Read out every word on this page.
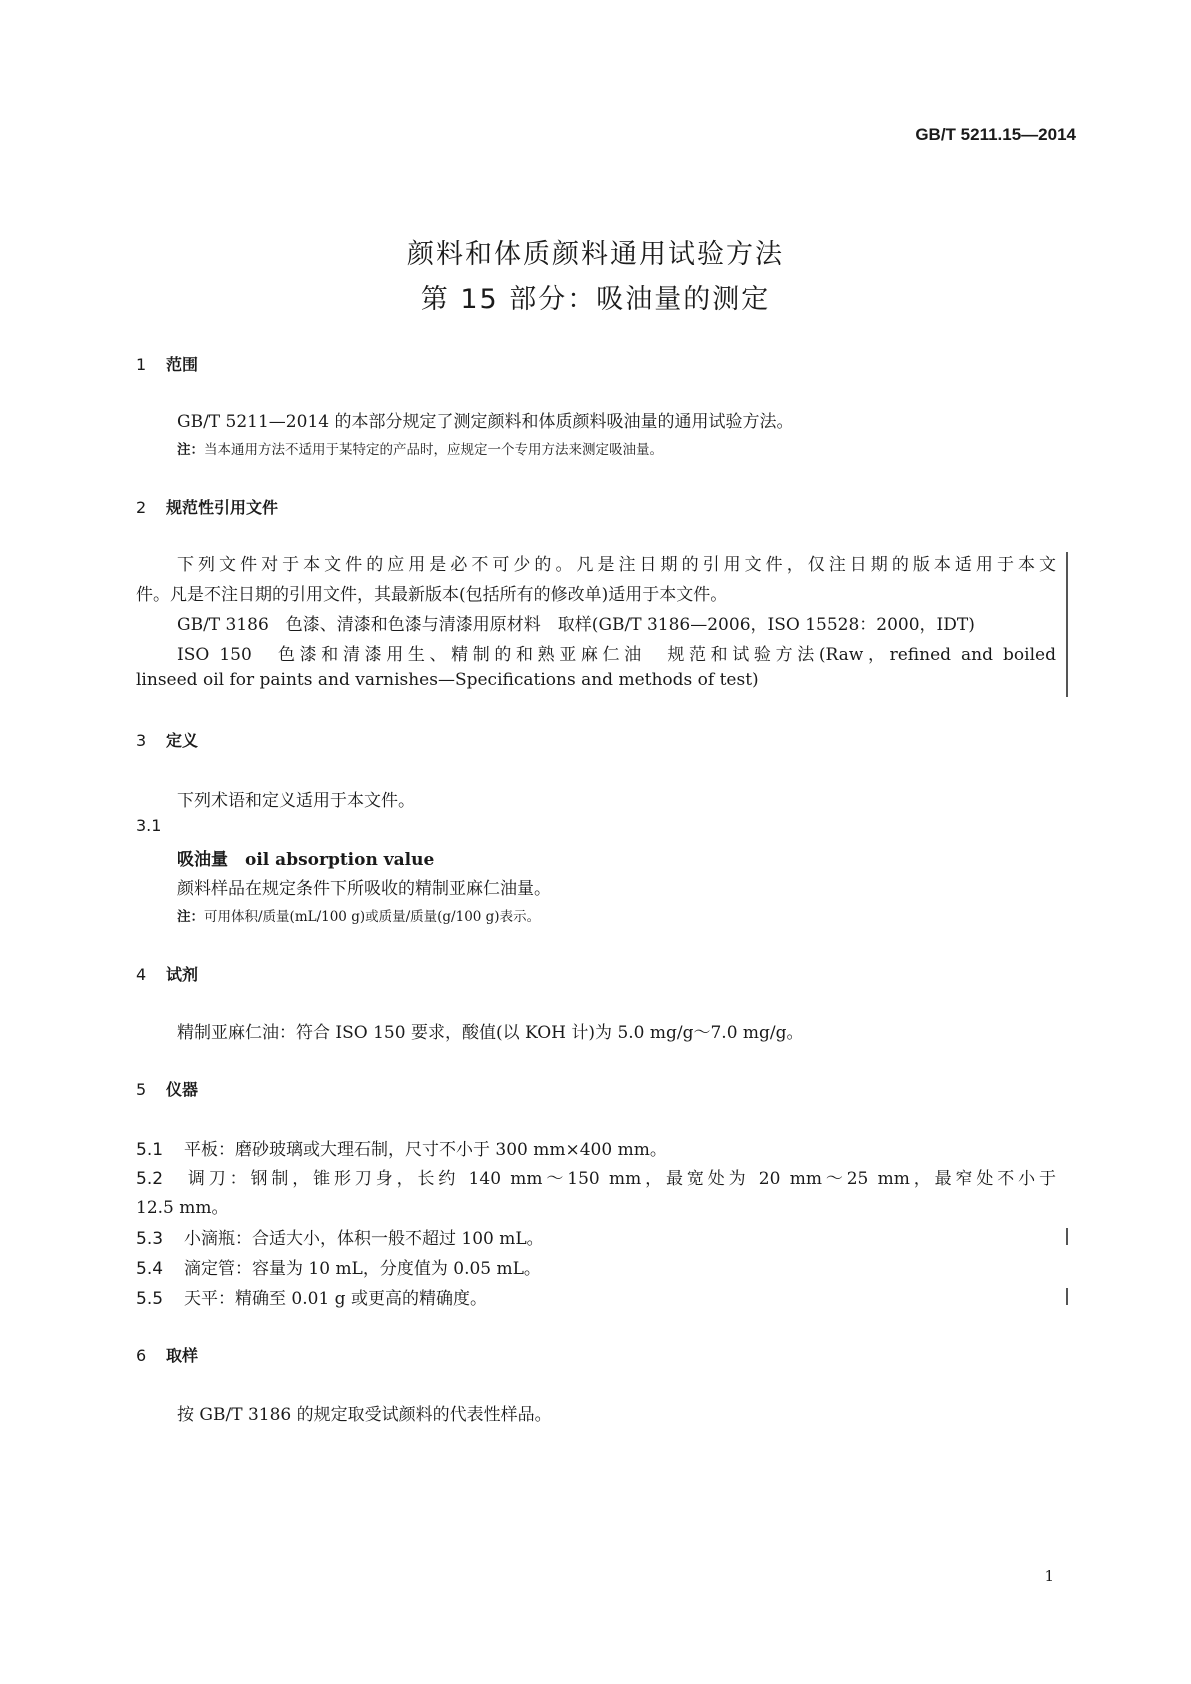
GB/T 5211.15—2014
颜料和体质颜料通用试验方法
第 15 部分：吸油量的测定
1 范围
GB/T 5211—2014 的本部分规定了测定颜料和体质颜料吸油量的通用试验方法。
注：当本通用方法不适用于某特定的产品时，应规定一个专用方法来测定吸油量。
2 规范性引用文件
下列文件对于本文件的应用是必不可少的。凡是注日期的引用文件，仅注日期的版本适用于本文
件。凡是不注日期的引用文件，其最新版本(包括所有的修改单)适用于本文件。
GB/T 3186　色漆、清漆和色漆与清漆用原材料　取样(GB/T 3186—2006，ISO 15528：2000，IDT)
ISO 150　色漆和清漆用生、精制的和熟亚麻仁油　规范和试验方法(Raw，refined and boiled
linseed oil for paints and varnishes—Specifications and methods of test)
3 定义
下列术语和定义适用于本文件。
3.1
吸油量　oil absorption value
颜料样品在规定条件下所吸收的精制亚麻仁油量。
注：可用体积/质量(mL/100 g)或质量/质量(g/100 g)表示。
4 试剂
精制亚麻仁油：符合 ISO 150 要求，酸值(以 KOH 计)为 5.0 mg/g～7.0 mg/g。
5 仪器
5.1 平板：磨砂玻璃或大理石制，尺寸不小于 300 mm×400 mm。
5.2 调刀：钢制，锥形刀身，长约 140 mm～150 mm，最宽处为 20 mm～25 mm，最窄处不小于
12.5 mm。
5.3 小滴瓶：合适大小，体积一般不超过 100 mL。
5.4 滴定管：容量为 10 mL，分度值为 0.05 mL。
5.5 天平：精确至 0.01 g 或更高的精确度。
6 取样
按 GB/T 3186 的规定取受试颜料的代表性样品。
1
